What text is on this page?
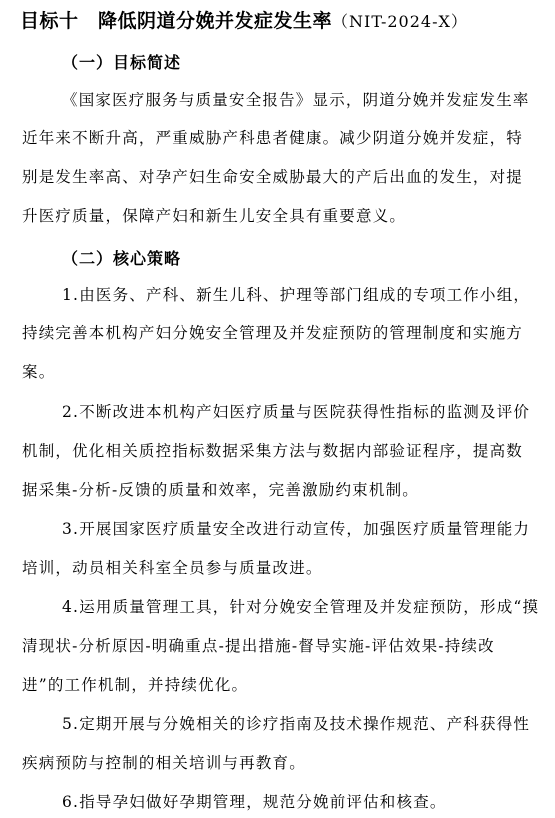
目标十　降低阴道分娩并发症发生率（NIT-2024-Ⅹ）
（一）目标简述
《国家医疗服务与质量安全报告》显示，阴道分娩并发症发生率
近年来不断升高，严重威胁产科患者健康。减少阴道分娩并发症，特
别是发生率高、对孕产妇生命安全威胁最大的产后出血的发生，对提
升医疗质量，保障产妇和新生儿安全具有重要意义。
（二）核心策略
1.由医务、产科、新生儿科、护理等部门组成的专项工作小组，
持续完善本机构产妇分娩安全管理及并发症预防的管理制度和实施方
案。
2.不断改进本机构产妇医疗质量与医院获得性指标的监测及评价
机制，优化相关质控指标数据采集方法与数据内部验证程序，提高数
据采集-分析-反馈的质量和效率，完善激励约束机制。
3.开展国家医疗质量安全改进行动宣传，加强医疗质量管理能力
培训，动员相关科室全员参与质量改进。
4.运用质量管理工具，针对分娩安全管理及并发症预防，形成“摸
清现状-分析原因-明确重点-提出措施-督导实施-评估效果-持续改
进”的工作机制，并持续优化。
5.定期开展与分娩相关的诊疗指南及技术操作规范、产科获得性
疾病预防与控制的相关培训与再教育。
6.指导孕妇做好孕期管理，规范分娩前评估和核查。
